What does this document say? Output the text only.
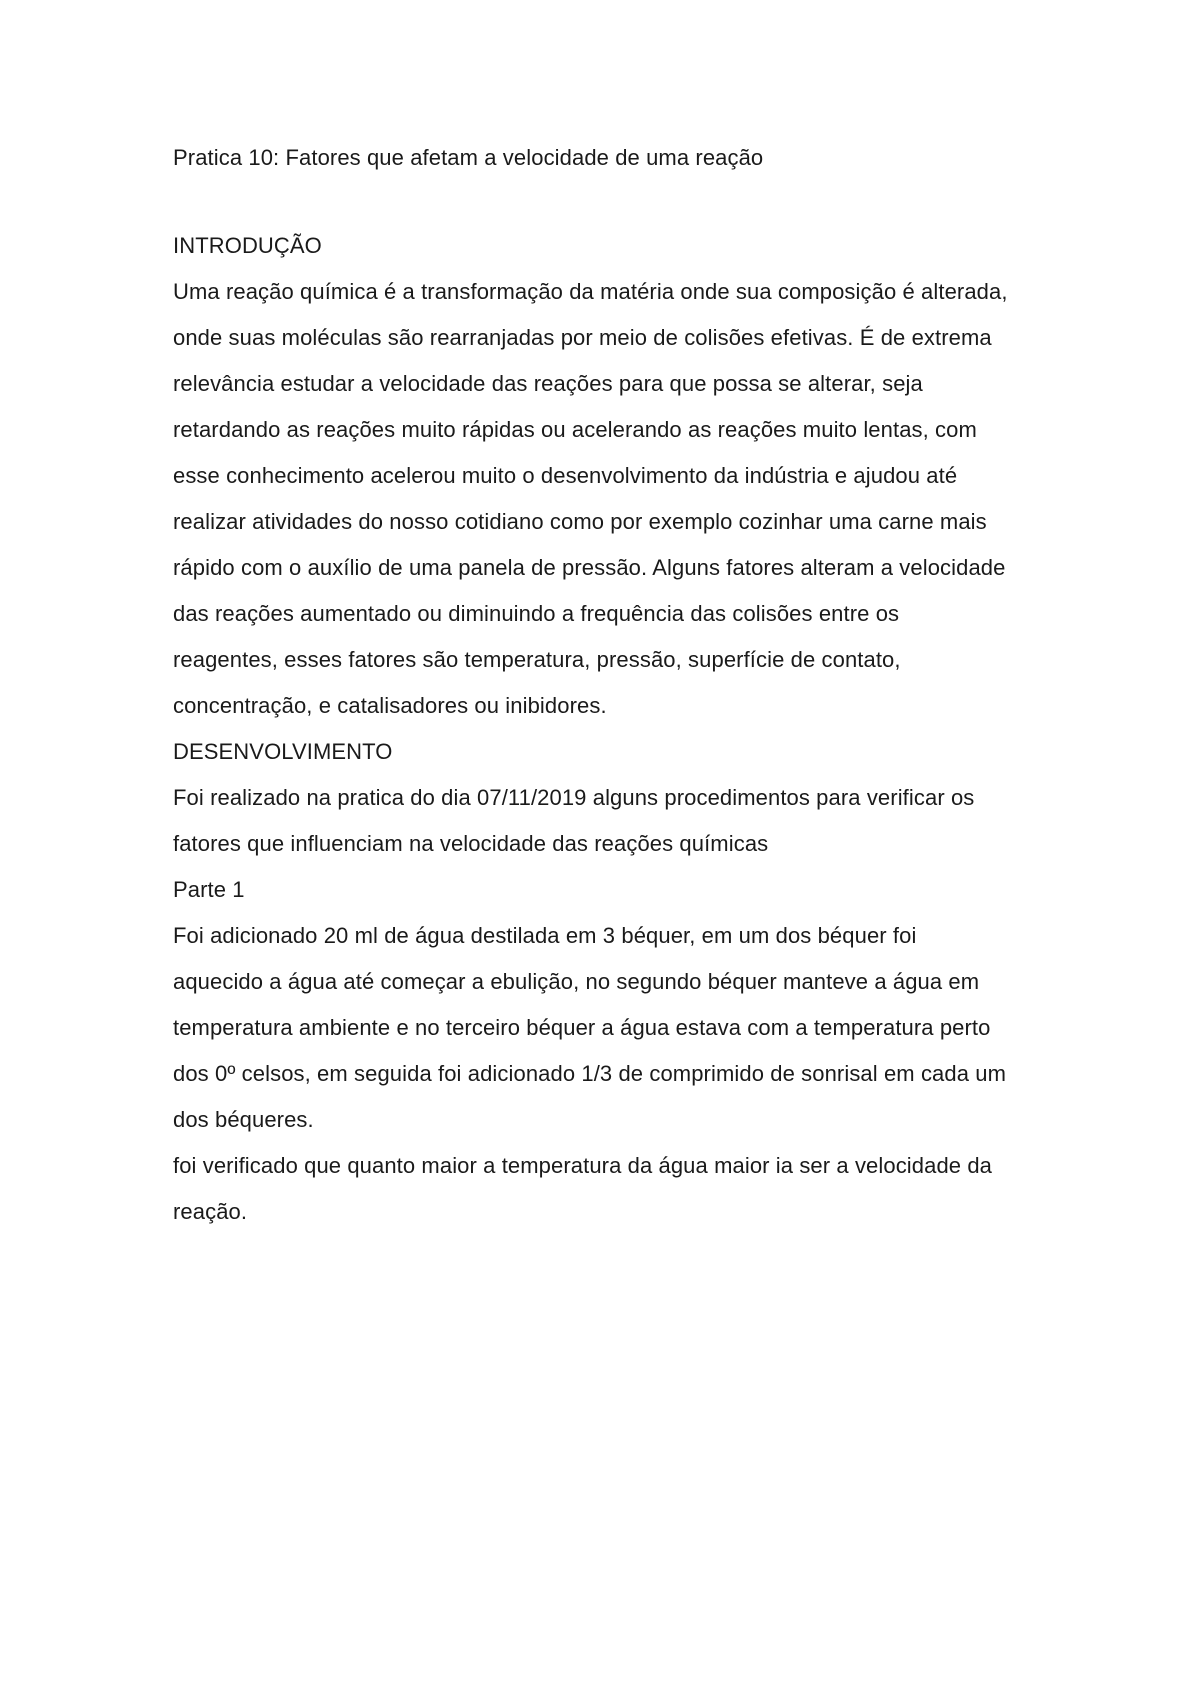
Pratica 10: Fatores que afetam a velocidade de uma reação

INTRODUÇÃO

Uma reação química é a transformação da matéria onde sua composição é alterada,

onde suas moléculas são rearranjadas por meio de colisões efetivas. É de extrema

relevância estudar a velocidade das reações para que possa se alterar, seja

retardando as reações muito rápidas ou acelerando as reações muito lentas, com

esse conhecimento acelerou muito o desenvolvimento da indústria e ajudou até

realizar atividades do nosso cotidiano como por exemplo cozinhar uma carne mais

rápido com o auxílio de uma panela de pressão. Alguns fatores alteram a velocidade

das reações aumentado ou diminuindo a frequência das colisões entre os

reagentes, esses fatores são temperatura, pressão, superfície de contato,

concentração, e catalisadores ou inibidores.

DESENVOLVIMENTO

Foi realizado na pratica do dia 07/11/2019 alguns procedimentos para verificar os

fatores que influenciam na velocidade das reações químicas

Parte 1

Foi adicionado 20 ml de água destilada em 3 béquer, em um dos béquer foi

aquecido a água até começar a ebulição, no segundo béquer manteve a água em

temperatura ambiente e no terceiro béquer a água estava com a temperatura perto

dos 0º celsos, em seguida foi adicionado 1/3 de comprimido de sonrisal em cada um

dos béqueres.

foi verificado que quanto maior a temperatura da água maior ia ser a velocidade da

reação.
